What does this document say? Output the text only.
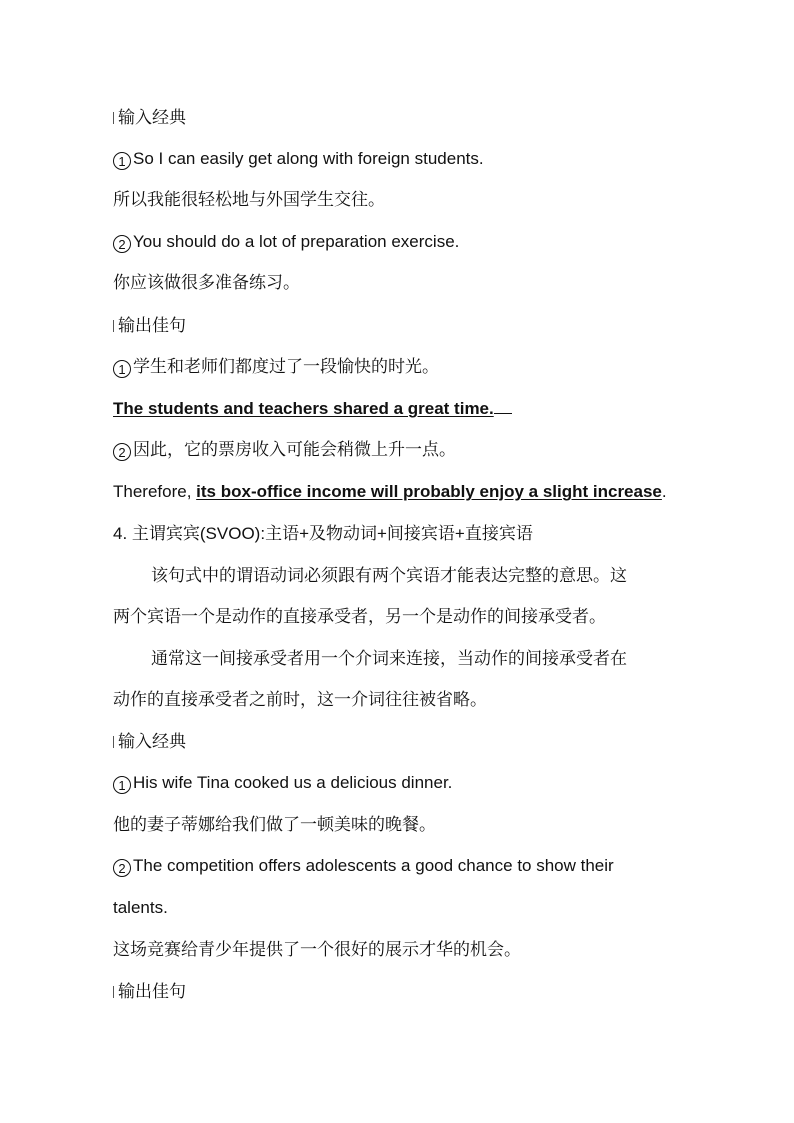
输入经典
1 So I can easily get along with foreign students.
所以我能很轻松地与外国学生交往。
2 You should do a lot of preparation exercise.
你应该做很多准备练习。
输出佳句
1 学生和老师们都度过了一段愉快的时光。
The students and teachers shared a great time.
2 因此，它的票房收入可能会稍微上升一点。
Therefore, its box-office income will probably enjoy a slight increase.
4. 主谓宾宾(SVOO):主语+及物动词+间接宾语+直接宾语
该句式中的谓语动词必须跟有两个宾语才能表达完整的意思。这
两个宾语一个是动作的直接承受者，另一个是动作的间接承受者。
通常这一间接承受者用一个介词来连接，当动作的间接承受者在
动作的直接承受者之前时，这一介词往往被省略。
输入经典
1 His wife Tina cooked us a delicious dinner.
他的妻子蒂娜给我们做了一顿美味的晚餐。
2 The competition offers adolescents a good chance to show their
talents.
这场竞赛给青少年提供了一个很好的展示才华的机会。
输出佳句
